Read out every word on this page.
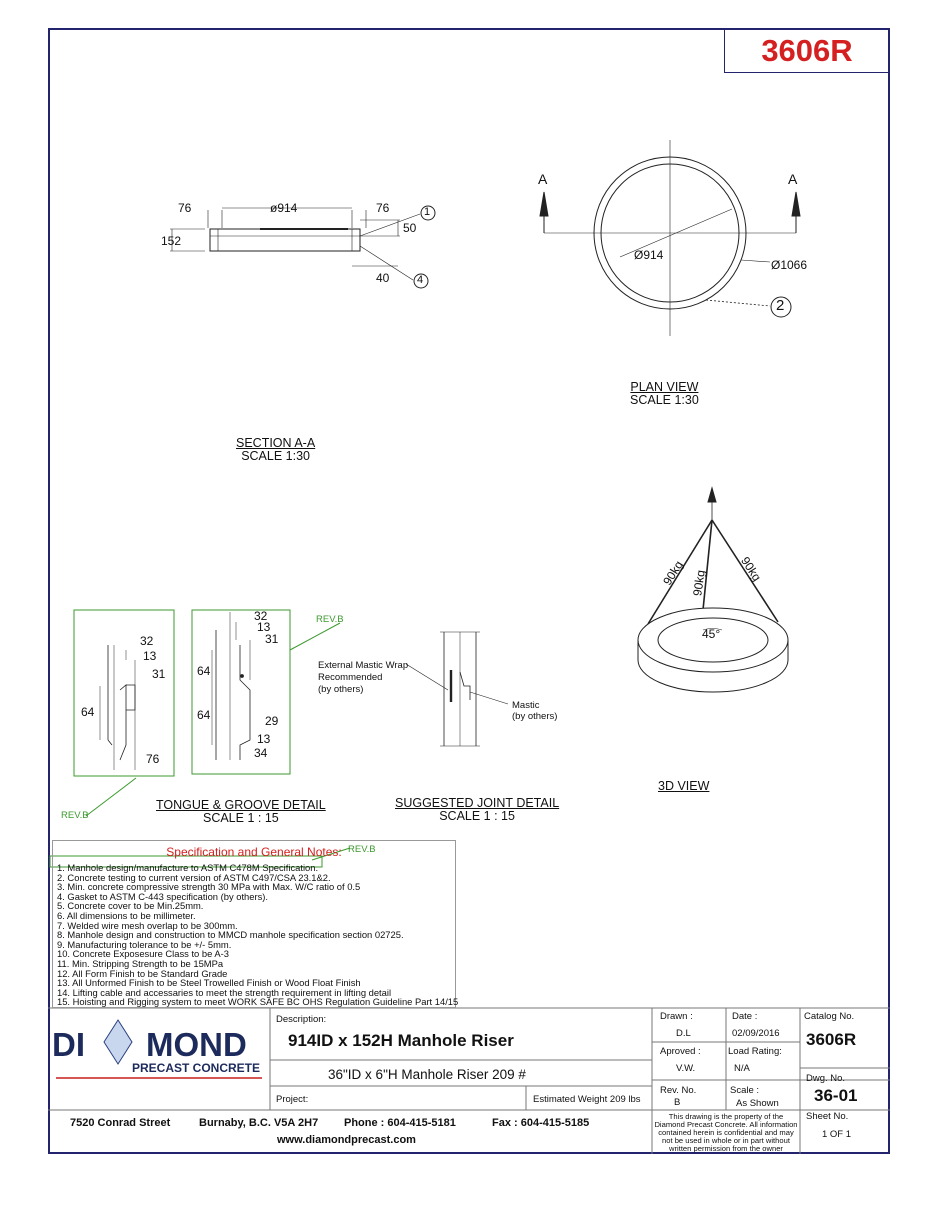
3606R
76	ø914	76
152
50
40
1
4
SECTION A-A
SCALE 1:30
A	A
Ø914
Ø1066
2
PLAN VIEW
SCALE 1:30
90kg 90kg	90kg
45°
3D VIEW
32
13
31
64
76
32
13
31
64
64	29
13
34
REV.B
REV.B
TONGUE & GROOVE DETAIL
SCALE 1 : 15
External Mastic Wrap
Recommended
(by others)
Mastic
(by others)
SUGGESTED JOINT DETAIL
SCALE 1 : 15
Specification and General Notes:
1. Manhole design/manufacture to ASTM C478M Specification.
2. Concrete testing to current version of ASTM C497/CSA 23.1&2.
3. Min. concrete compressive strength 30 MPa with Max. W/C ratio of 0.5
4. Gasket to ASTM C-443 specification (by others).
5. Concrete cover to be Min.25mm.
6. All dimensions to be millimeter.
7. Welded wire mesh overlap to be 300mm.
8. Manhole design and construction to MMCD manhole specification section 02725.
9. Manufacturing tolerance to be +/- 5mm.
10. Concrete Exposesure Class to be A-3
11. Min. Stripping Strength to be 15MPa
12. All Form Finish to be Standard Grade
13. All Unformed Finish to be Steel Trowelled Finish or Wood Float Finish
14. Lifting cable and accessaries to meet the strength requirement in lifting detail
15. Hoisting and Rigging system to meet WORK SAFE BC OHS Regulation Guideline Part 14/15
REV.B
DI MOND
PRECAST CONCRETE
Description:
914ID x 152H Manhole Riser
36"ID x 6"H Manhole Riser 209 #
Project:	Estimated Weight 209 lbs
Drawn :
D.L
Date :
02/09/2016
Catalog No.
3606R
Aproved :
V.W.
Load Rating:
N/A
Dwg. No.
36-01
Rev. No.
B
Scale :
As Shown
Sheet No.
1 OF 1
This drawing is the property of the
Diamond Precast Concrete. All information
contained herein is confidential and may
not be used in whole or in part without
written permission from the owner
7520 Conrad Street	Burnaby, B.C. V5A 2H7 Phone : 604-415-5181	Fax : 604-415-5185
www.diamondprecast.com
